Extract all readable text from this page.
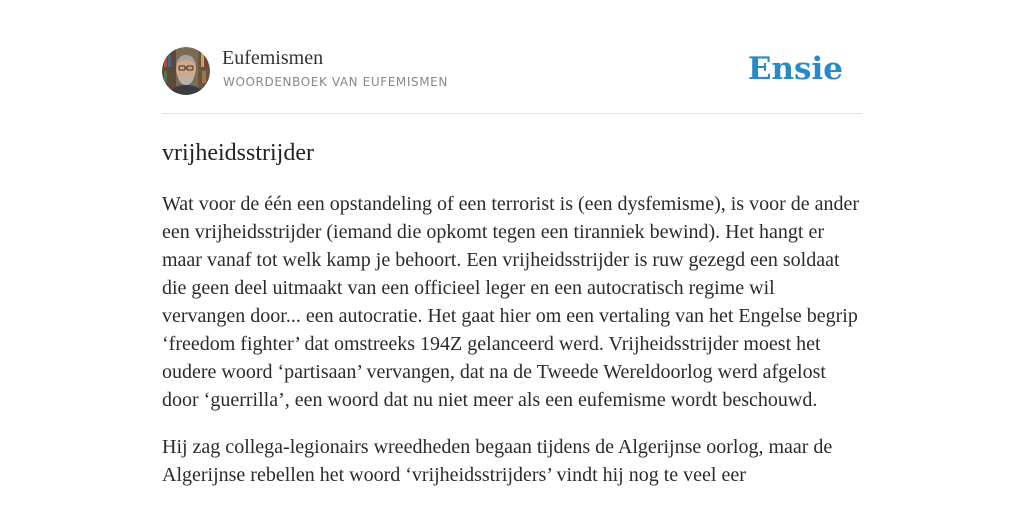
Eufemismen
WOORDENBOEK VAN EUFEMISMEN	Ensie
vrijheidsstrijder

Wat voor de één een opstandeling of een terrorist is (een dysfemisme), is voor de ander een vrijheidsstrijder (iemand die opkomt tegen een tiranniek bewind). Het hangt er maar vanaf tot welk kamp je behoort. Een vrijheidsstrijder is ruw gezegd een soldaat die geen deel uitmaakt van een officieel leger en een autocratisch regime wil vervangen door... een autocratie. Het gaat hier om een vertaling van het Engelse begrip ‘freedom fighter’ dat omstreeks 194Z gelanceerd werd. Vrijheidsstrijder moest het oudere woord ‘partisaan’ vervangen, dat na de Tweede Wereldoorlog werd afgelost door ‘guerrilla’, een woord dat nu niet meer als een eufemisme wordt beschouwd.

Hij zag collega-legionairs wreedheden begaan tijdens de Algerijnse oorlog, maar de Algerijnse rebellen het woord ‘vrijheidsstrijders’ vindt hij nog te veel eer
